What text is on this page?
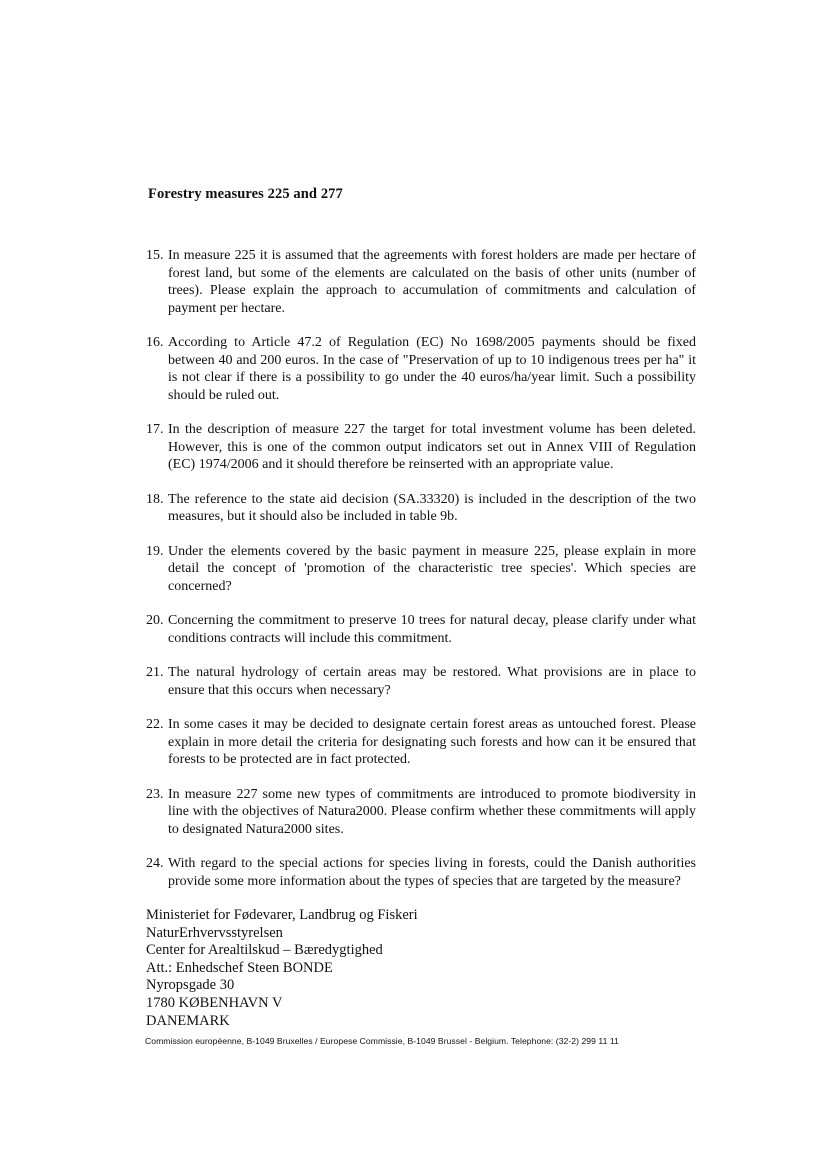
Forestry measures 225 and 277
15. In measure 225 it is assumed that the agreements with forest holders are made per hectare of forest land, but some of the elements are calculated on the basis of other units (number of trees). Please explain the approach to accumulation of commitments and calculation of payment per hectare.
16. According to Article 47.2 of Regulation (EC) No 1698/2005 payments should be fixed between 40 and 200 euros. In the case of "Preservation of up to 10 indigenous trees per ha" it is not clear if there is a possibility to go under the 40 euros/ha/year limit. Such a possibility should be ruled out.
17. In the description of measure 227 the target for total investment volume has been deleted. However, this is one of the common output indicators set out in Annex VIII of Regulation (EC) 1974/2006 and it should therefore be reinserted with an appropriate value.
18. The reference to the state aid decision (SA.33320) is included in the description of the two measures, but it should also be included in table 9b.
19. Under the elements covered by the basic payment in measure 225, please explain in more detail the concept of 'promotion of the characteristic tree species'. Which species are concerned?
20. Concerning the commitment to preserve 10 trees for natural decay, please clarify under what conditions contracts will include this commitment.
21. The natural hydrology of certain areas may be restored. What provisions are in place to ensure that this occurs when necessary?
22. In some cases it may be decided to designate certain forest areas as untouched forest. Please explain in more detail the criteria for designating such forests and how can it be ensured that forests to be protected are in fact protected.
23. In measure 227 some new types of commitments are introduced to promote biodiversity in line with the objectives of Natura2000. Please confirm whether these commitments will apply to designated Natura2000 sites.
24. With regard to the special actions for species living in forests, could the Danish authorities provide some more information about the types of species that are targeted by the measure?
Ministeriet for Fødevarer, Landbrug og Fiskeri
NaturErhvervsstyrelsen
Center for Arealtilskud – Bæredygtighed
Att.: Enhedschef Steen BONDE
Nyropsgade 30
1780 KØBENHAVN V
DANEMARK
Commission européenne, B-1049 Bruxelles / Europese Commissie, B-1049 Brussel - Belgium. Telephone: (32-2) 299 11 11
